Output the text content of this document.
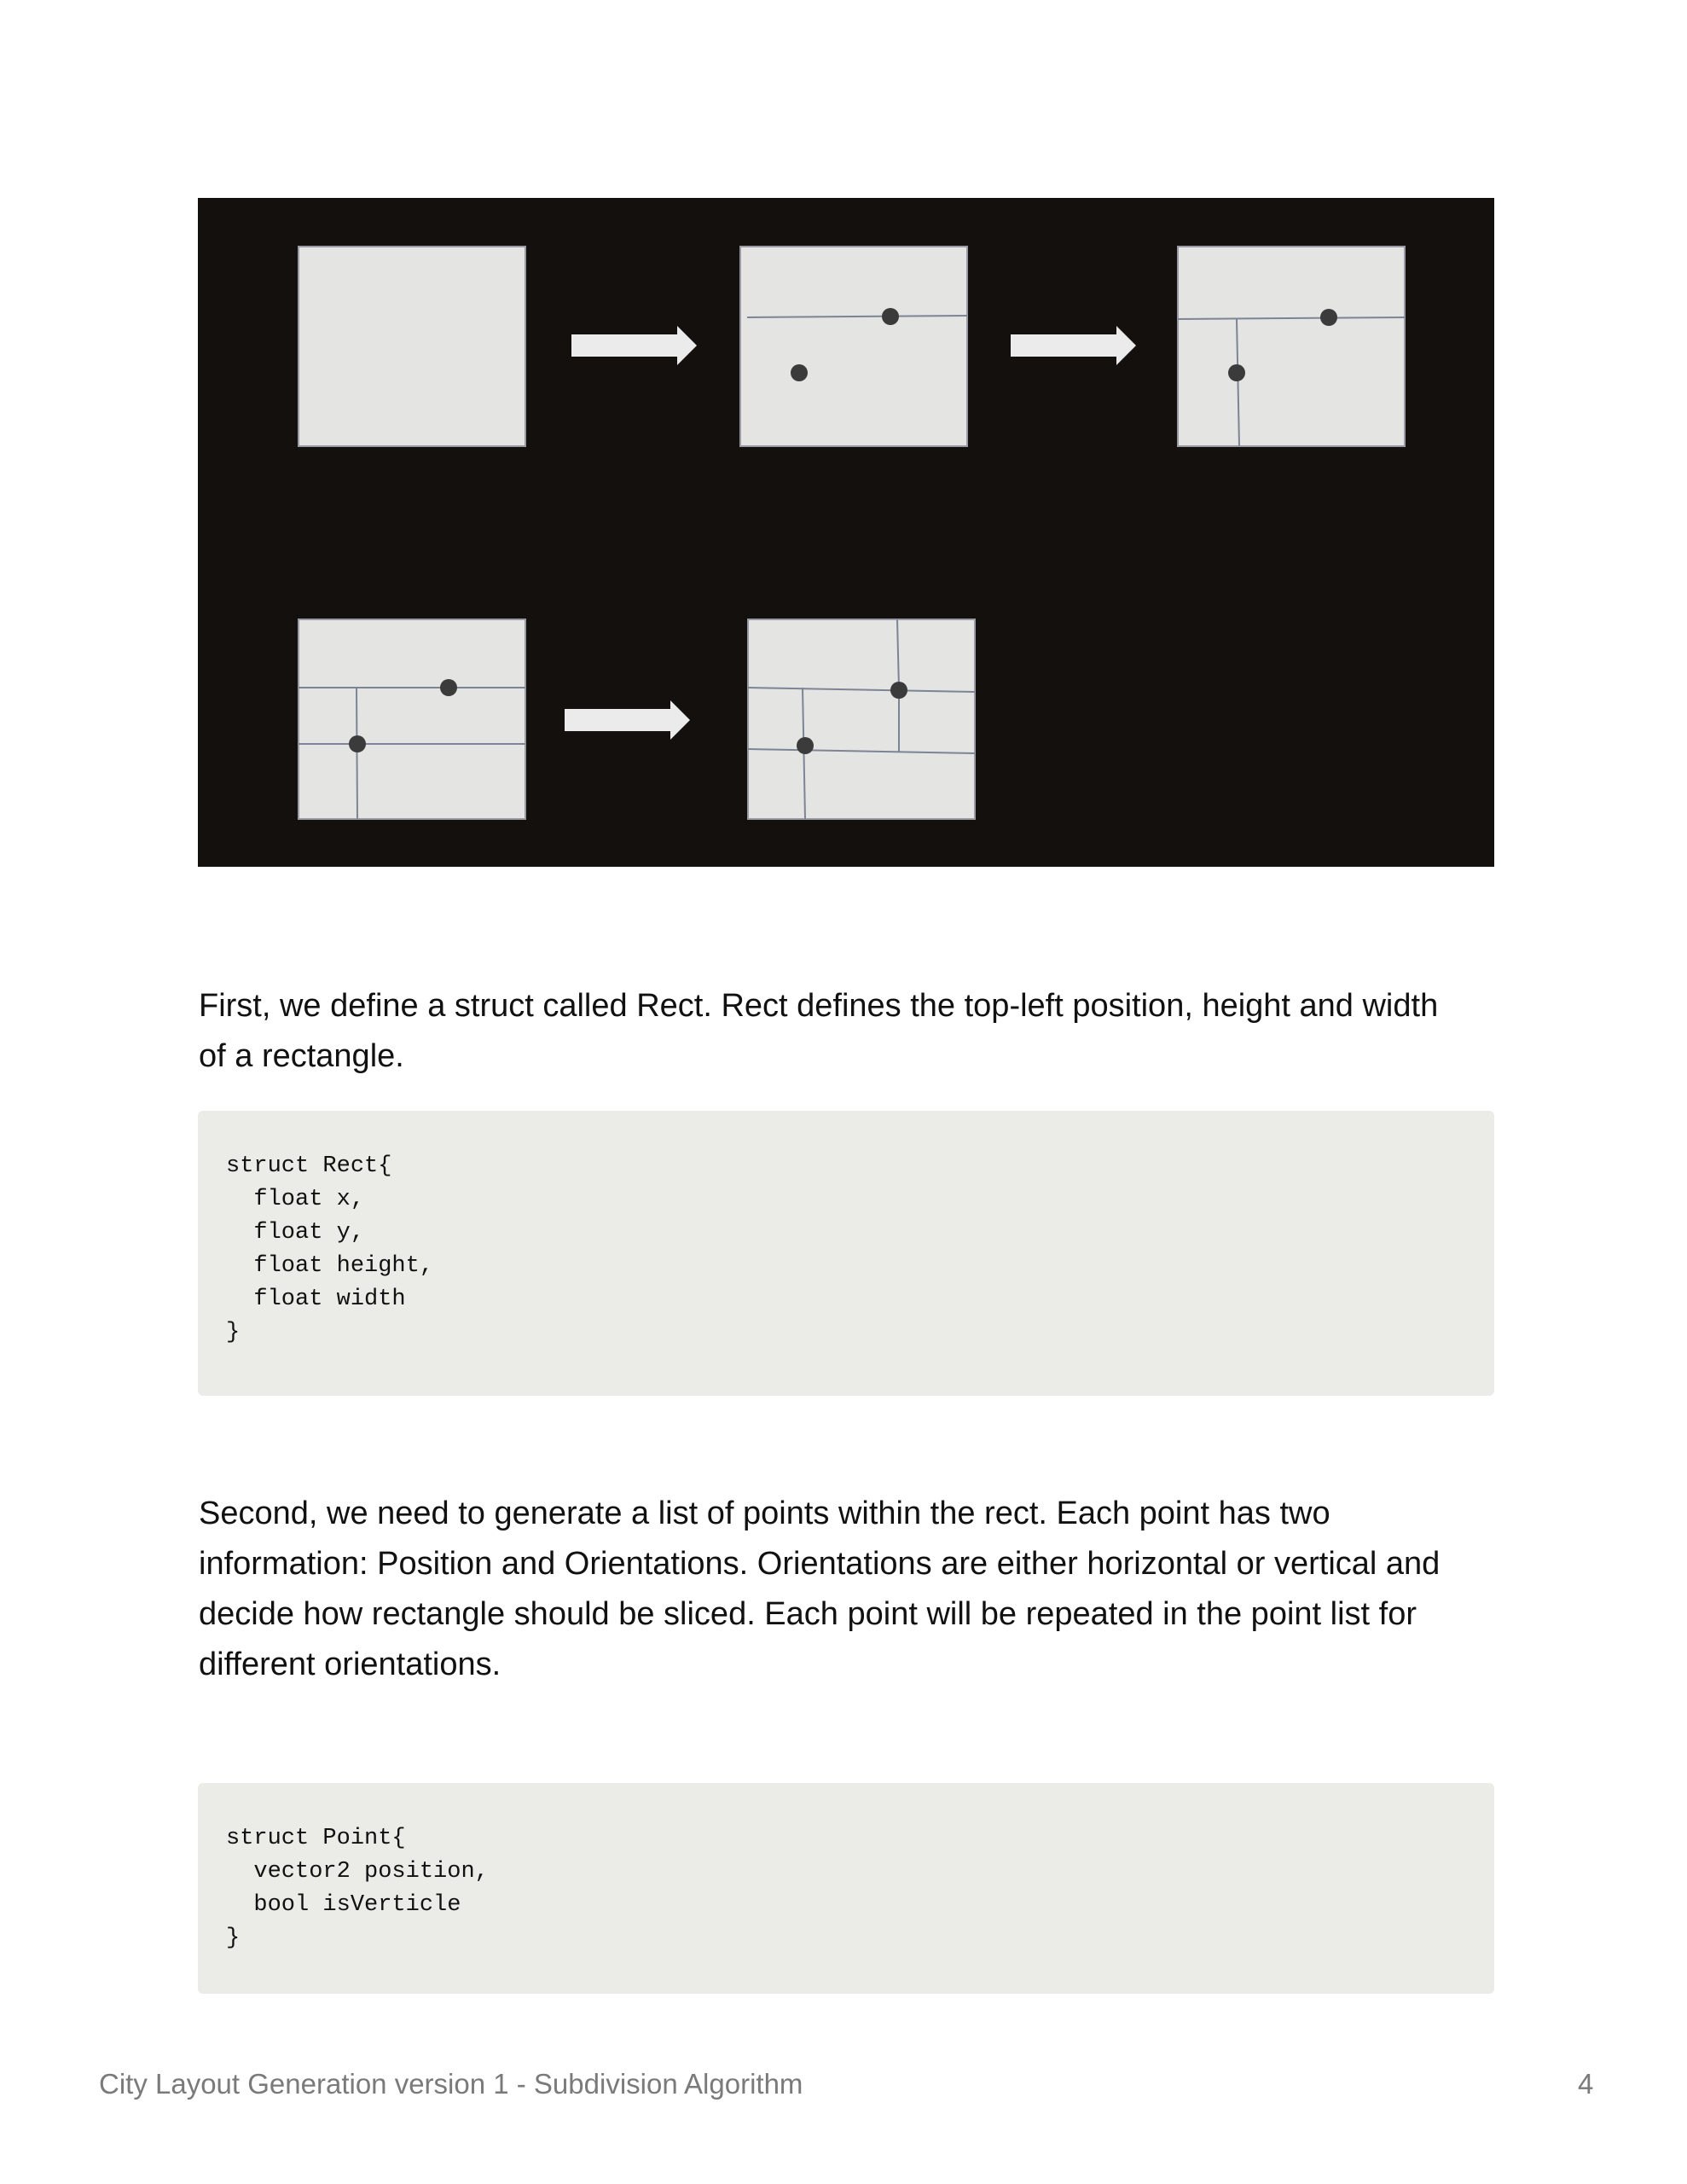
First, we define a struct called Rect. Rect defines the top-left position, height and width
of a rectangle.
struct Rect{
float x,
float y,
float height,
float width
}
Second, we need to generate a list of points within the rect. Each point has two
information: Position and Orientations. Orientations are either horizontal or vertical and
decide how rectangle should be sliced. Each point will be repeated in the point list for
different orientations.
struct Point{
vector2 position,
bool isVerticle
}
City Layout Generation version 1 - Subdivision Algorithm	4
